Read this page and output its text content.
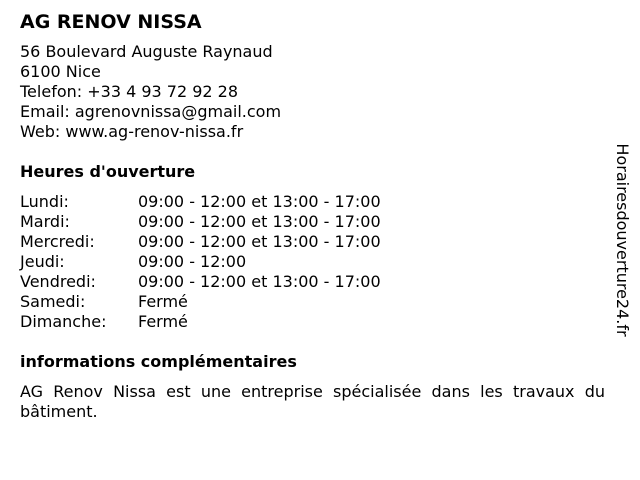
AG RENOV NISSA
56 Boulevard Auguste Raynaud
6100 Nice
Telefon: +33 4 93 72 92 28
Email: agrenovnissa@gmail.com
Web: www.ag-renov-nissa.fr
Heures d'ouverture
Lundi:	09:00 - 12:00 et 13:00 - 17:00
Mardi:	09:00 - 12:00 et 13:00 - 17:00
Mercredi:	09:00 - 12:00 et 13:00 - 17:00
Jeudi:	09:00 - 12:00
Vendredi:	09:00 - 12:00 et 13:00 - 17:00
Samedi:	Fermé
Dimanche:	Fermé
informations complémentaires

AG Renov Nissa est une entreprise spécialisée dans les travaux du bâtiment.

Horairesdouverture24.fr
